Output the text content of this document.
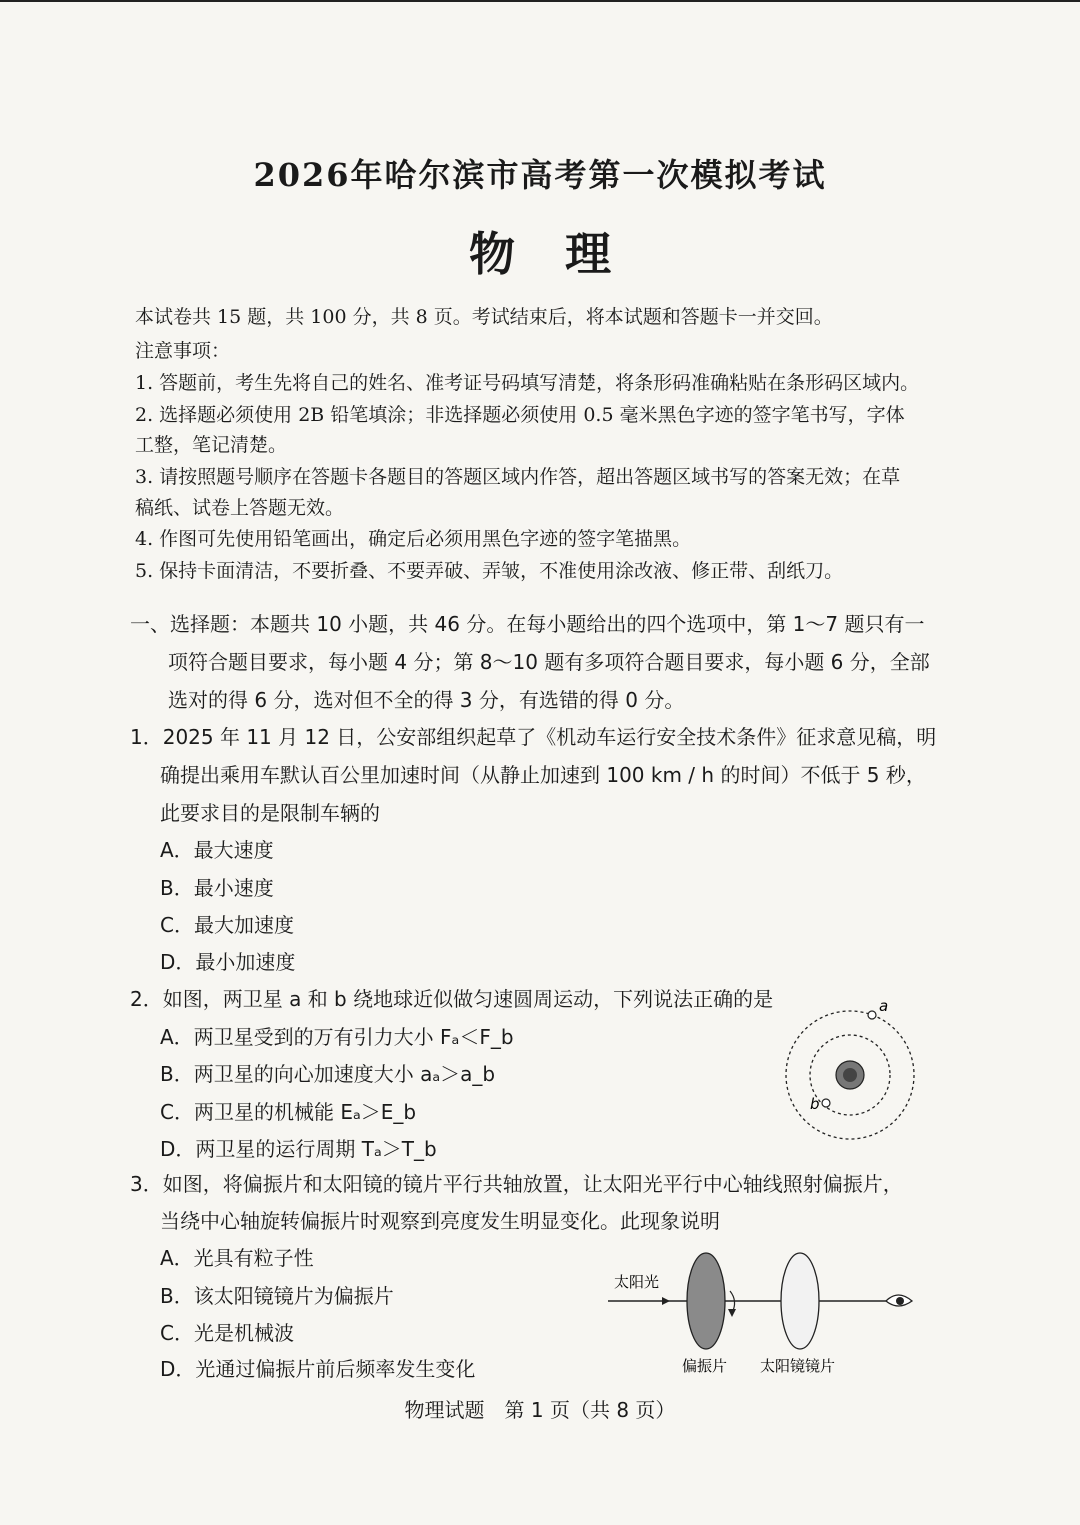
2026年哈尔滨市高考第一次模拟考试
物理
本试卷共 15 题，共 100 分，共 8 页。考试结束后，将本试题和答题卡一并交回。
注意事项：
1. 答题前，考生先将自己的姓名、准考证号码填写清楚，将条形码准确粘贴在条形码区域内。
2. 选择题必须使用 2B 铅笔填涂；非选择题必须使用 0.5 毫米黑色字迹的签字笔书写，字体
工整，笔记清楚。
3. 请按照题号顺序在答题卡各题目的答题区域内作答，超出答题区域书写的答案无效；在草
稿纸、试卷上答题无效。
4. 作图可先使用铅笔画出，确定后必须用黑色字迹的签字笔描黑。
5. 保持卡面清洁，不要折叠、不要弄破、弄皱，不准使用涂改液、修正带、刮纸刀。
一、选择题：本题共 10 小题，共 46 分。在每小题给出的四个选项中，第 1～7 题只有一
项符合题目要求，每小题 4 分；第 8～10 题有多项符合题目要求，每小题 6 分，全部
选对的得 6 分，选对但不全的得 3 分，有选错的得 0 分。
1．2025 年 11 月 12 日，公安部组织起草了《机动车运行安全技术条件》征求意见稿，明
确提出乘用车默认百公里加速时间（从静止加速到 100 km / h 的时间）不低于 5 秒，
此要求目的是限制车辆的
A．最大速度
B．最小速度
C．最大加速度
D．最小加速度
2．如图，两卫星 a 和 b 绕地球近似做匀速圆周运动，下列说法正确的是
A．两卫星受到的万有引力大小 Fₐ＜F_b
B．两卫星的向心加速度大小 aₐ＞a_b
C．两卫星的机械能 Eₐ＞E_b
D．两卫星的运行周期 Tₐ＞T_b
a
b
3．如图，将偏振片和太阳镜的镜片平行共轴放置，让太阳光平行中心轴线照射偏振片，
当绕中心轴旋转偏振片时观察到亮度发生明显变化。此现象说明
A．光具有粒子性
B．该太阳镜镜片为偏振片
C．光是机械波
D．光通过偏振片前后频率发生变化
太阳光
偏振片 太阳镜镜片
物理试题　第 1 页（共 8 页）
